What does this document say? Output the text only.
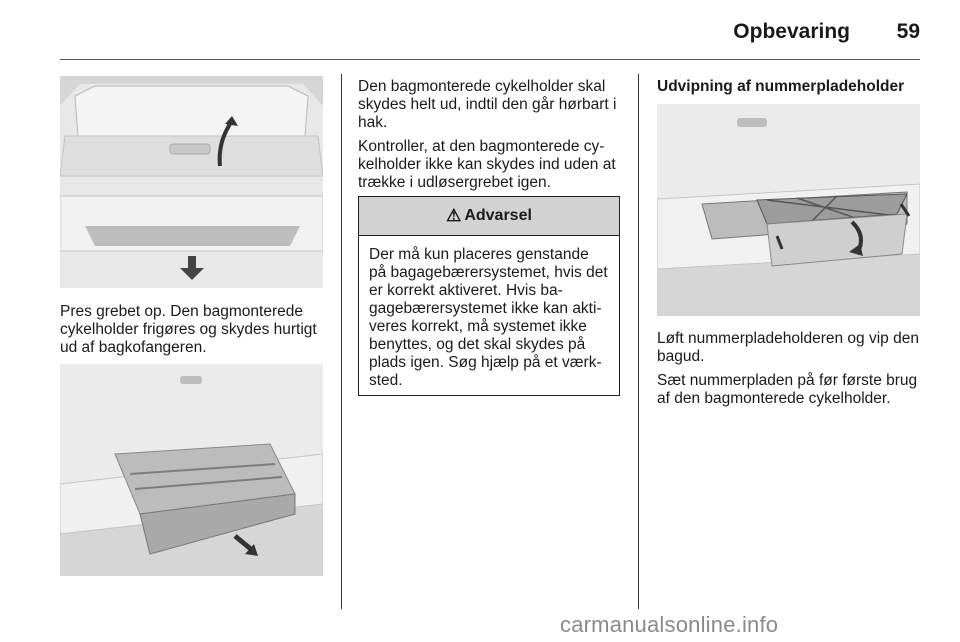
Opbevaring	59
Pres grebet op. Den bagmonterede cykelholder frigøres og skydes hurtigt ud af bagkofangeren.

Den bagmonterede cykelholder skal skydes helt ud, indtil den går hørbart i hak.

Kontroller, at den bagmonterede cy-kelholder ikke kan skydes ind uden at trække i udløsergrebet igen.

⚠ Advarsel
Der må kun placeres genstande på bagagebærersystemet, hvis det er korrekt aktiveret. Hvis ba-gagebærersystemet ikke kan akti-veres korrekt, må systemet ikke benyttes, og det skal skydes på plads igen. Søg hjælp på et værk-sted.
Udvipning af nummerpladeholder

Løft nummerpladeholderen og vip den bagud.

Sæt nummerpladen på før første brug af den bagmonterede cykelholder.

carmanualsonline.info
